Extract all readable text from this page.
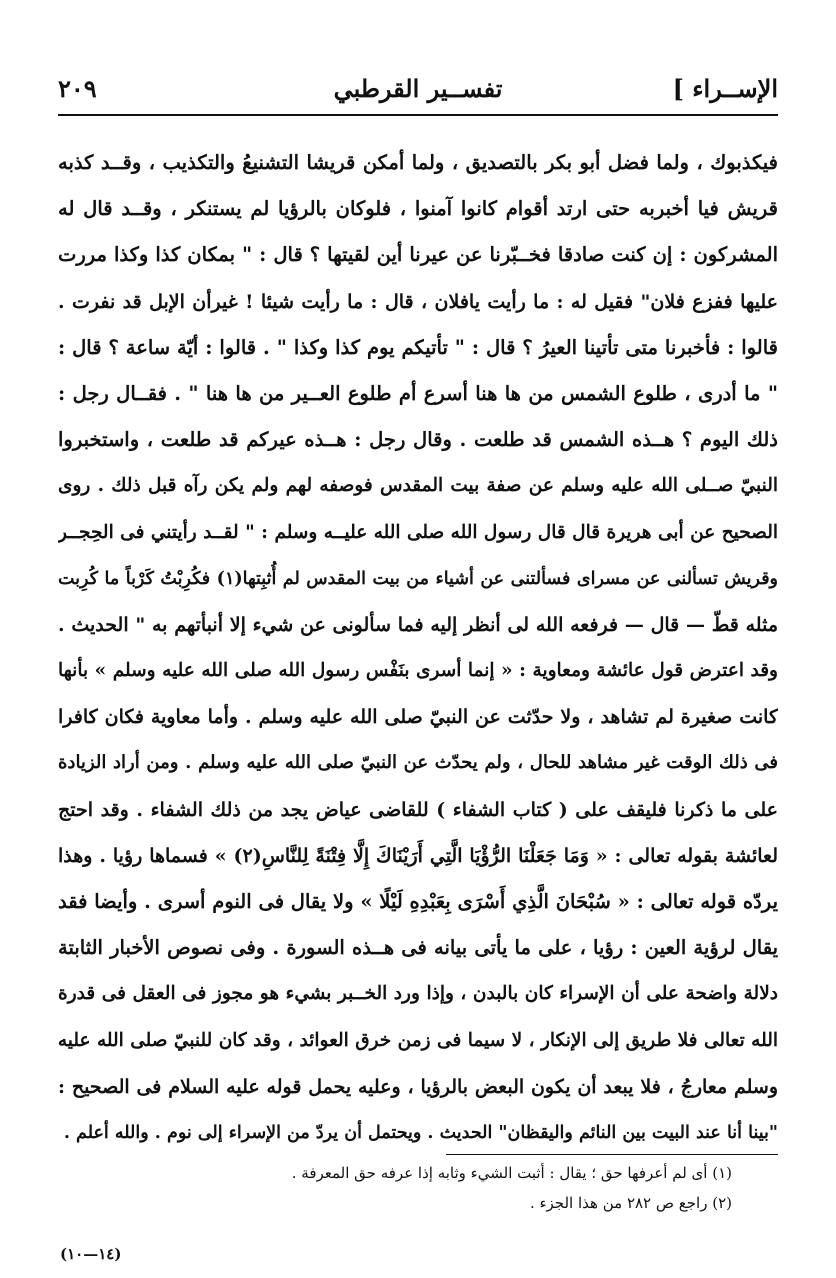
الإســراء ]
تفســير القرطبي
٢٠٩
فيكذبوك ، ولما فضل أبو بكر بالتصديق ، ولما أمكن قريشا التشنيعُ والتكذيب ، وقــد كذبه
قريش فيا أخبربه حتى ارتد أقوام كانوا آمنوا ، فلوكان بالرؤيا لم يستنكر ، وقــد قال له
المشركون : إن كنت صادقا فخــبّرنا عن عيرنا أين لقيتها ؟ قال : " بمكان كذا وكذا مررت
عليها ففزع فلان" فقيل له : ما رأيت يافلان ، قال : ما رأيت شيئا ! غيرأن الإبل قد نفرت .
قالوا : فأخبرنا متى تأتينا العيرُ ؟ قال : " تأتيكم يوم كذا وكذا " . قالوا : أيّة ساعة ؟ قال :
" ما أدرى ، طلوع الشمس من ها هنا أسرع أم طلوع العــير من ها هنا " . فقــال رجل :
ذلك اليوم ؟ هــذه الشمس قد طلعت . وقال رجل : هــذه عيركم قد طلعت ، واستخبروا
النبيّ صــلى الله عليه وسلم عن صفة بيت المقدس فوصفه لهم ولم يكن رآه قبل ذلك . روى
الصحيح عن أبى هريرة قال قال رسول الله صلى الله عليــه وسلم : " لقــد رأيتني فى الحِجــر
وقريش تسألنى عن مسراى فسألتنى عن أشياء من بيت المقدس لم أُثبِتها(١) فكُرِبْتُ كَرْباً ما كُرِبت
مثله قطّ — قال — فرفعه الله لى أنظر إليه فما سألونى عن شيء إلا أنبأتهم به " الحديث .
وقد اعترض قول عائشة ومعاوية : « إنما أسرى بنَفْس رسول الله صلى الله عليه وسلم » بأنها
كانت صغيرة لم تشاهد ، ولا حدّثت عن النبيّ صلى الله عليه وسلم . وأما معاوية فكان كافرا
فى ذلك الوقت غير مشاهد للحال ، ولم يحدّث عن النبيّ صلى الله عليه وسلم . ومن أراد الزيادة
على ما ذكرنا فليقف على ( كتاب الشفاء ) للقاضى عياض يجد من ذلك الشفاء . وقد احتج
لعائشة بقوله تعالى : « وَمَا جَعَلْنَا الرُّؤْيَا الَّتِي أَرَيْنَاكَ إِلَّا فِتْنَةً لِلنَّاسِ(٢) » فسماها رؤيا . وهذا
يردّه قوله تعالى : « سُبْحَانَ الَّذِي أَسْرَى بِعَبْدِهِ لَيْلًا » ولا يقال فى النوم أسرى . وأيضا فقد
يقال لرؤية العين : رؤيا ، على ما يأتى بيانه فى هــذه السورة . وفى نصوص الأخبار الثابتة
دلالة واضحة على أن الإسراء كان بالبدن ، وإذا ورد الخــبر بشيء هو مجوز فى العقل فى قدرة
الله تعالى فلا طريق إلى الإنكار ، لا سيما فى زمن خرق العوائد ، وقد كان للنبيّ صلى الله عليه
وسلم معارجُ ، فلا يبعد أن يكون البعض بالرؤيا ، وعليه يحمل قوله عليه السلام فى الصحيح :
"بينا أنا عند البيت بين النائم واليقظان" الحديث . ويحتمل أن يردّ من الإسراء إلى نوم . والله أعلم .
(١) أى لم أعرفها حق ؛ يقال : أثبت الشيء وثابه إذا عرفه حق المعرفة .
(٢) راجع ص ٢٨٢ من هذا الجزء .
(١٤—١٠)
